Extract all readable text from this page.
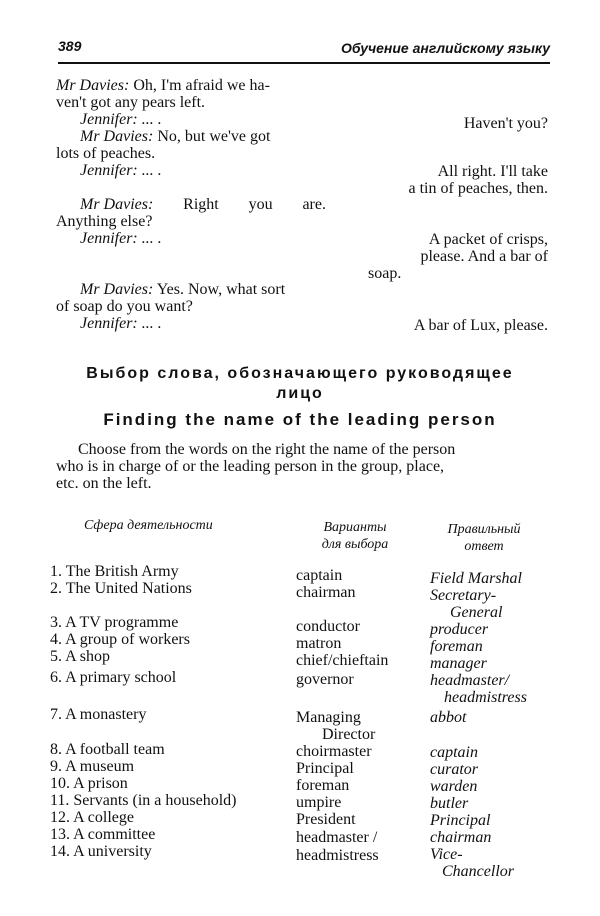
389	Обучение английскому языку
Mr Davies: Oh, I'm afraid we ha-
ven't got any pears left.
Jennifer: ... .
Mr Davies: No, but we've got
lots of peaches.
Jennifer: ... .
Mr Davies: Right you are.
Anything else?
Jennifer: ... .
Mr Davies: Yes. Now, what sort
of soap do you want?
Jennifer: ... .
Haven't you?
All right. I'll take
a tin of peaches, then.
A packet of crisps,
please. And a bar of
soap.
A bar of Lux, please.
Выбор слова, обозначающего руководящее
лицо
Finding the name of the leading person
Choose from the words on the right the name of the person
who is in charge of or the leading person in the group, place,
etc. on the left.
Сфера деятельности	Варианты
для выбора
Правильный
ответ
1. The British Army
2. The United Nations
3. A TV programme
4. A group of workers
5. A shop
6. A primary school
7. A monastery
8. A football team
9. A museum
10. A prison
11. Servants (in a household)
12. A college
13. A committee
14. A university
captain
chairman
conductor
matron
chief/chieftain
governor
Managing
Director
choirmaster
Principal
foreman
umpire
President
headmaster /
headmistress
Field Marshal
Secretary-
General
producer
foreman
manager
headmaster/
headmistress
abbot
captain
curator
warden
butler
Principal
chairman
Vice-
Chancellor
